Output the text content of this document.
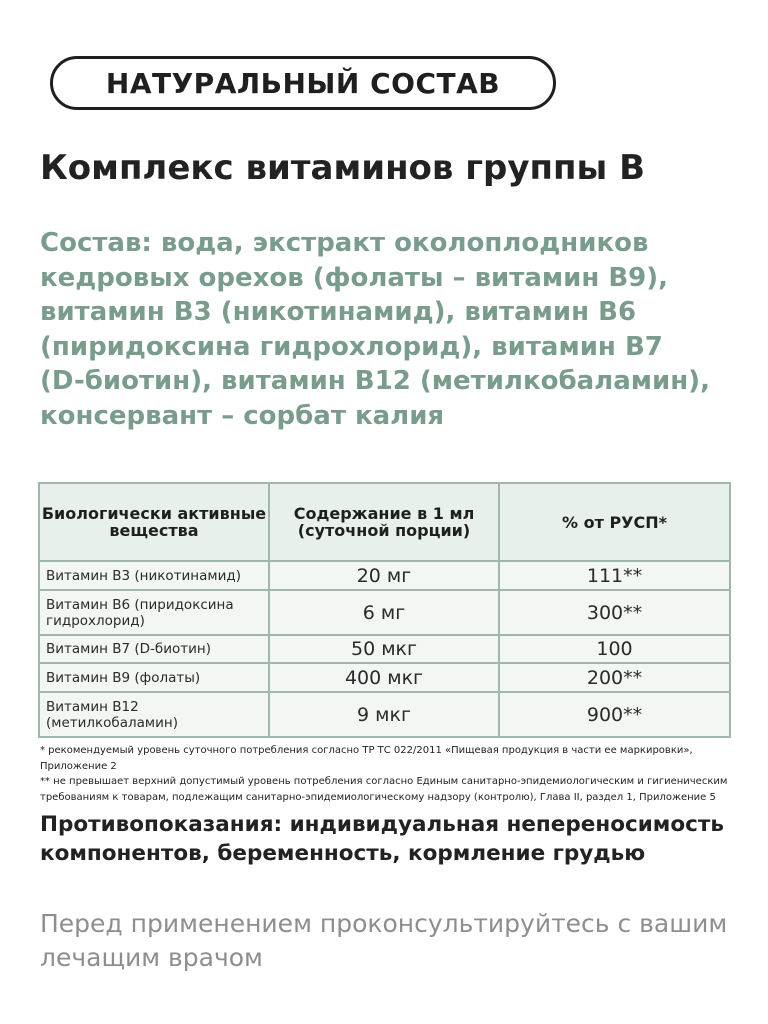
НАТУРАЛЬНЫЙ СОСТАВ
Комплекс витаминов группы В
Состав: вода, экстракт околоплодников
кедровых орехов (фолаты – витамин В9),
витамин В3 (никотинамид), витамин В6
(пиридоксина гидрохлорид), витамин В7
(D-биотин), витамин В12 (метилкобаламин),
консервант – сорбат калия
Биологически активные вещества	Содержание в 1 мл (суточной порции)	% от РУСП*
Витамин В3 (никотинамид)	20 мг	111**
Витамин В6 (пиридоксина гидрохлорид)	6 мг	300**
Витамин В7 (D-биотин)	50 мкг	100
Витамин В9 (фолаты)	400 мкг	200**
Витамин В12 (метилкобаламин)	9 мкг	900**
* рекомендуемый уровень суточного потребления согласно ТР ТС 022/2011 «Пищевая продукция в части ее маркировки», Приложение 2
** не превышает верхний допустимый уровень потребления согласно Единым санитарно-эпидемиологическим и гигиеническим требованиям к товарам, подлежащим санитарно-эпидемиологическому надзору (контролю), Глава II, раздел 1, Приложение 5
Противопоказания: индивидуальная непереносимость компонентов, беременность, кормление грудью
Перед применением проконсультируйтесь с вашим лечащим врачом
